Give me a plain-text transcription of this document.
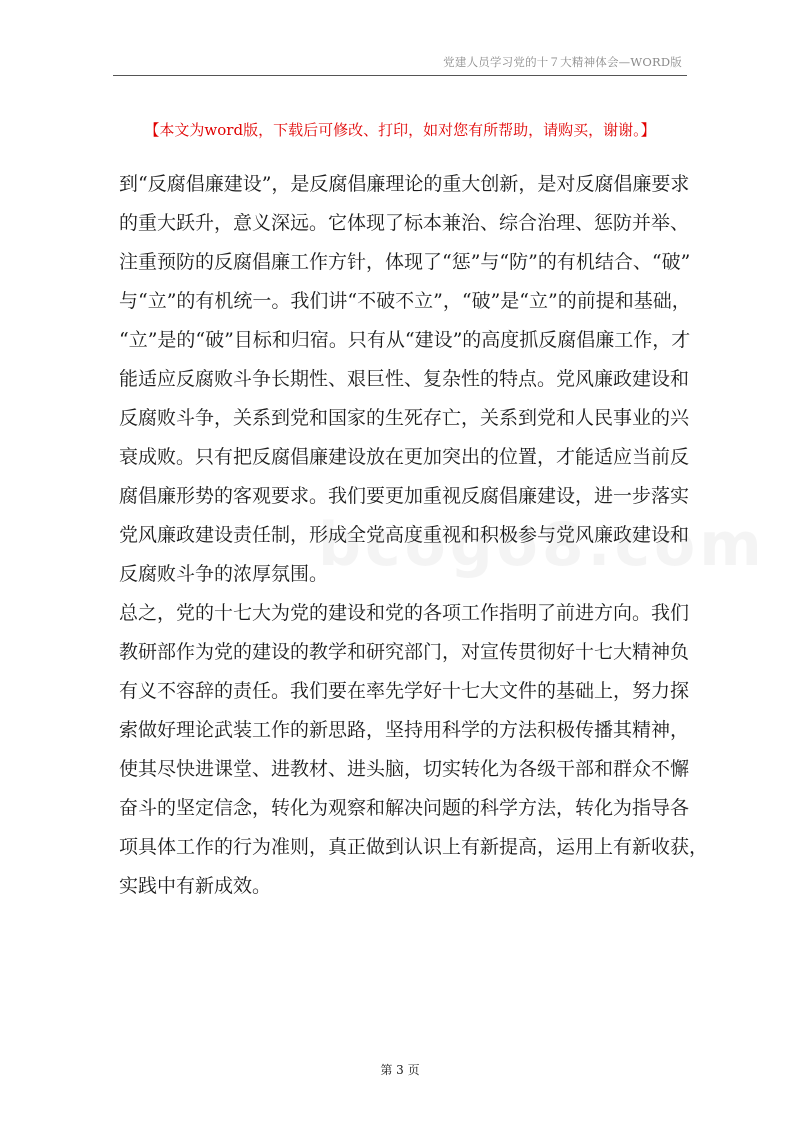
党建人员学习党的十７大精神体会—WORD版
【本文为word版，下载后可修改、打印，如对您有所帮助，请购买，谢谢。】
到“反腐倡廉建设”，是反腐倡廉理论的重大创新，是对反腐倡廉要求
的重大跃升，意义深远。它体现了标本兼治、综合治理、惩防并举、
注重预防的反腐倡廉工作方针，体现了“惩”与“防”的有机结合、“破”
与“立”的有机统一。我们讲“不破不立”，“破”是“立”的前提和基础，
“立”是的“破”目标和归宿。只有从“建设”的高度抓反腐倡廉工作，才
能适应反腐败斗争长期性、艰巨性、复杂性的特点。党风廉政建设和
反腐败斗争，关系到党和国家的生死存亡，关系到党和人民事业的兴
衰成败。只有把反腐倡廉建设放在更加突出的位置，才能适应当前反
腐倡廉形势的客观要求。我们要更加重视反腐倡廉建设，进一步落实
党风廉政建设责任制，形成全党高度重视和积极参与党风廉政建设和
反腐败斗争的浓厚氛围。
总之，党的十七大为党的建设和党的各项工作指明了前进方向。我们
教研部作为党的建设的教学和研究部门，对宣传贯彻好十七大精神负
有义不容辞的责任。我们要在率先学好十七大文件的基础上，努力探
索做好理论武装工作的新思路，坚持用科学的方法积极传播其精神，
使其尽快进课堂、进教材、进头脑，切实转化为各级干部和群众不懈
奋斗的坚定信念，转化为观察和解决问题的科学方法，转化为指导各
项具体工作的行为准则，真正做到认识上有新提高，运用上有新收获，
实践中有新成效。
第 3 页
